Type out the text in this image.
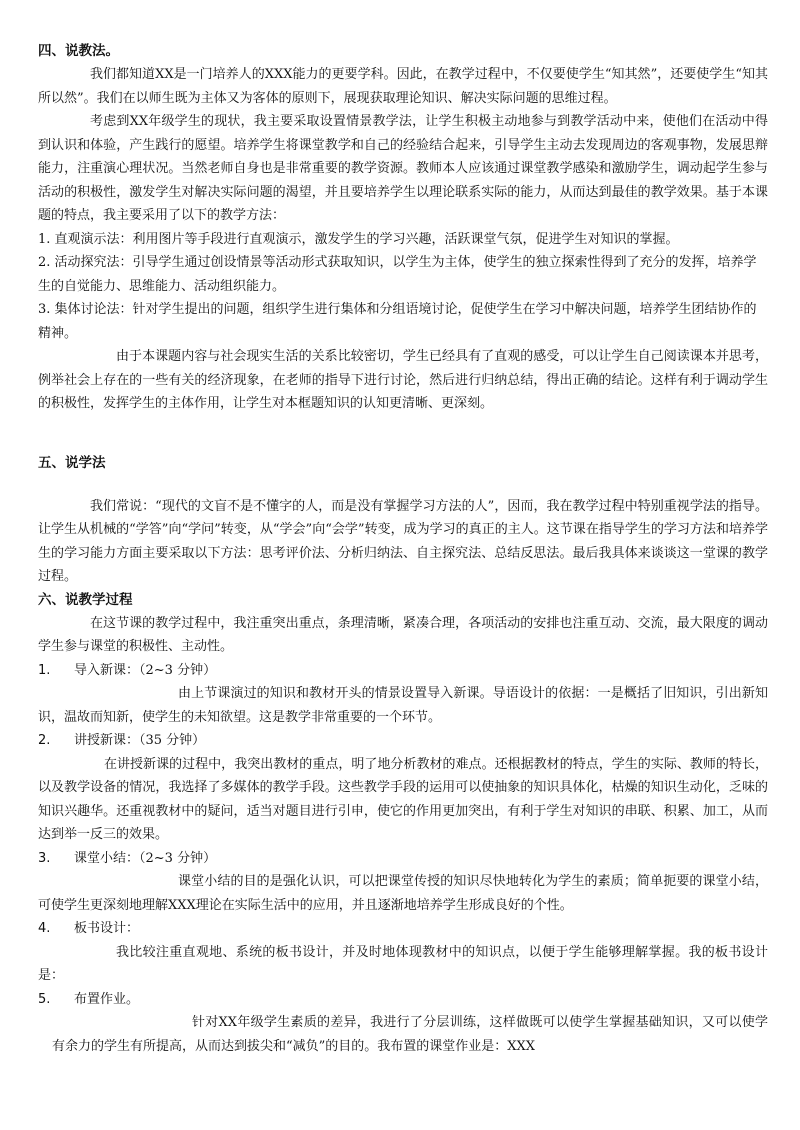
四、说教法。

我们都知道XX是一门培养人的XXX能力的更要学科。因此，在教学过程中，不仅要使学生“知其然”，还要使学生“知其所以然”。我们在以师生既为主体又为客体的原则下，展现获取理论知识、解决实际问题的思维过程。

考虑到XX年级学生的现状，我主要采取设置情景教学法，让学生积极主动地参与到教学活动中来，使他们在活动中得到认识和体验，产生践行的愿望。培养学生将课堂教学和自己的经验结合起来，引导学生主动去发现周边的客观事物，发展思辩能力，注重演心理状况。当然老师自身也是非常重要的教学资源。教师本人应该通过课堂教学感染和激励学生，调动起学生参与活动的积极性，激发学生对解决实际问题的渴望，并且要培养学生以理论联系实际的能力，从而达到最佳的教学效果。基于本课题的特点，我主要采用了以下的教学方法：

1. 直观演示法：利用图片等手段进行直观演示，激发学生的学习兴趣，活跃课堂气氛，促进学生对知识的掌握。

2. 活动探究法：引导学生通过创设情景等活动形式获取知识，以学生为主体，使学生的独立探索性得到了充分的发挥，培养学生的自觉能力、思维能力、活动组织能力。

3. 集体讨论法：针对学生提出的问题，组织学生进行集体和分组语境讨论，促使学生在学习中解决问题，培养学生团结协作的精神。

由于本课题内容与社会现实生活的关系比较密切，学生已经具有了直观的感受，可以让学生自己阅读课本并思考，例举社会上存在的一些有关的经济现象，在老师的指导下进行讨论，然后进行归纳总结，得出正确的结论。这样有利于调动学生的积极性，发挥学生的主体作用，让学生对本框题知识的认知更清晰、更深刻。

五、说学法

我们常说：“现代的文盲不是不懂字的人，而是没有掌握学习方法的人”，因而，我在教学过程中特别重视学法的指导。让学生从机械的“学答”向“学问”转变，从“学会”向“会学”转变，成为学习的真正的主人。这节课在指导学生的学习方法和培养学生的学习能力方面主要采取以下方法：思考评价法、分析归纳法、自主探究法、总结反思法。最后我具体来谈谈这一堂课的教学过程。

六、说教学过程

在这节课的教学过程中，我注重突出重点，条理清晰，紧凑合理，各项活动的安排也注重互动、交流，最大限度的调动学生参与课堂的积极性、主动性。

1. 导入新课：（2~3 分钟）

由上节课演过的知识和教材开头的情景设置导入新课。导语设计的依据：一是概括了旧知识，引出新知识，温故而知新，使学生的未知欲望。这是教学非常重要的一个环节。

2. 讲授新课：（35 分钟）

在讲授新课的过程中，我突出教材的重点，明了地分析教材的难点。还根据教材的特点，学生的实际、教师的特长，以及教学设备的情况，我选择了多媒体的教学手段。这些教学手段的运用可以使抽象的知识具体化，枯燥的知识生动化，乏味的知识兴趣华。还重视教材中的疑问，适当对题目进行引申，使它的作用更加突出，有利于学生对知识的串联、积累、加工，从而达到举一反三的效果。

3. 课堂小结：（2~3 分钟）

课堂小结的目的是强化认识，可以把课堂传授的知识尽快地转化为学生的素质；简单扼要的课堂小结，可使学生更深刻地理解XXX理论在实际生活中的应用，并且逐渐地培养学生形成良好的个性。

4. 板书设计：

我比较注重直观地、系统的板书设计，并及时地体现教材中的知识点，以便于学生能够理解掌握。我的板书设计是：

5. 布置作业。

针对XX年级学生素质的差异，我进行了分层训练，这样做既可以使学生掌握基础知识，又可以使学有余力的学生有所提高，从而达到拔尖和“减负”的目的。我布置的课堂作业是：XXX
